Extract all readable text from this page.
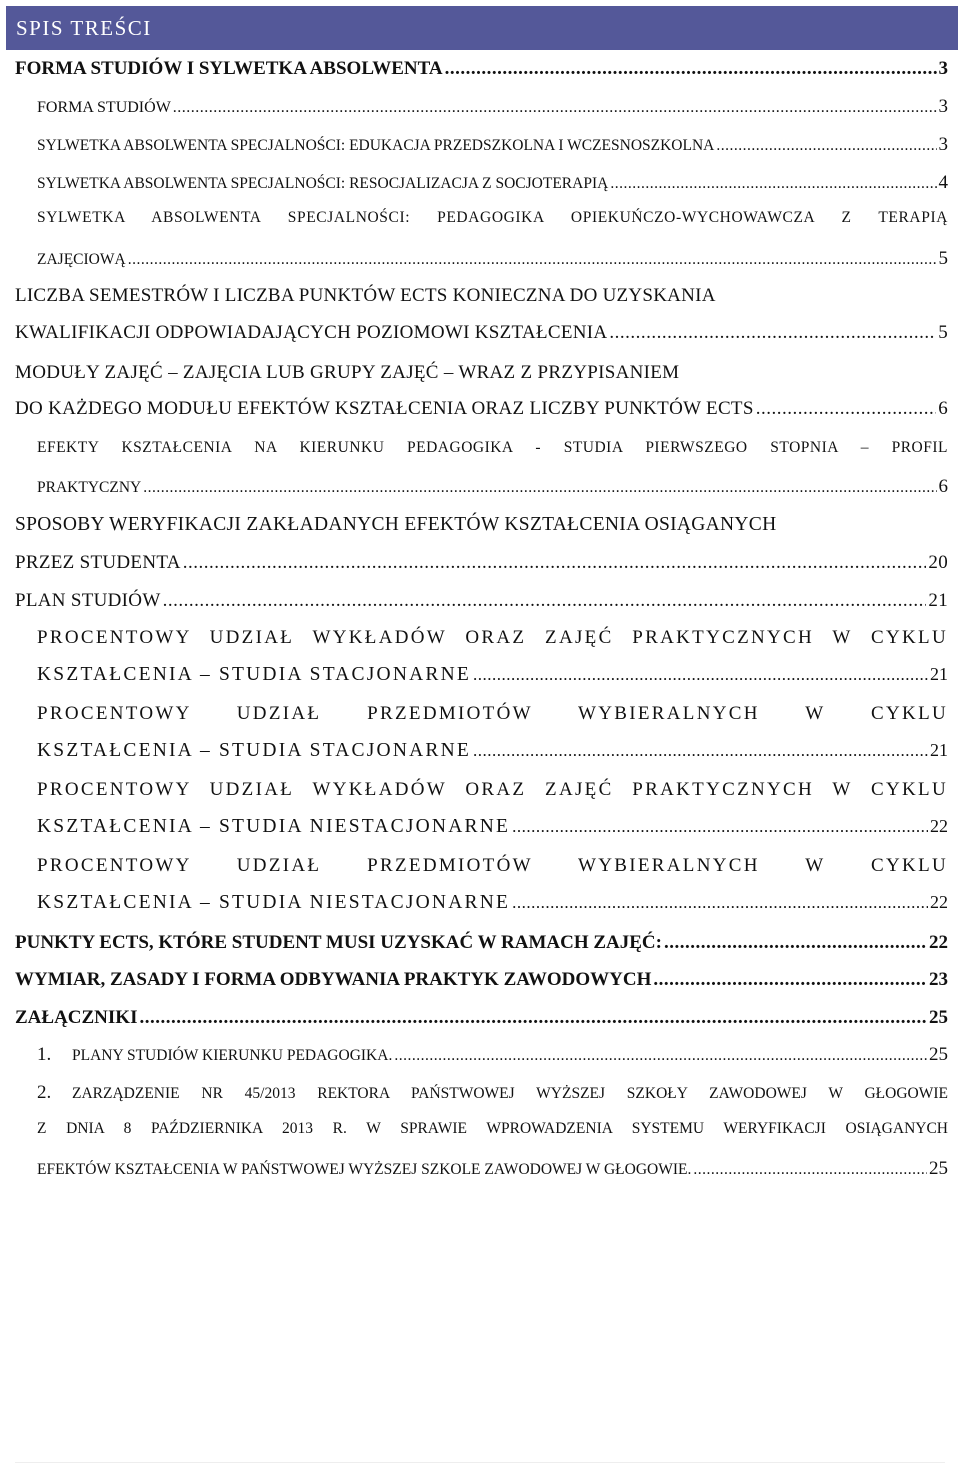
SPIS TREŚCI
FORMA STUDIÓW I SYLWETKA ABSOLWENTA .....	3
FORMA STUDIÓW .....	3
SYLWETKA ABSOLWENTA SPECJALNOŚCI: EDUKACJA PRZEDSZKOLNA I WCZESNOSZKOLNA .....	3
SYLWETKA ABSOLWENTA SPECJALNOŚCI: RESOCJALIZACJA Z SOCJOTERAPIĄ .....	4
SYLWETKA ABSOLWENTA SPECJALNOŚCI: PEDAGOGIKA OPIEKUŃCZO-WYCHOWAWCZA Z TERAPIĄ
ZAJĘCIOWĄ .....	5
LICZBA SEMESTRÓW I LICZBA PUNKTÓW ECTS KONIECZNA DO UZYSKANIA
KWALIFIKACJI ODPOWIADAJĄCYCH POZIOMOWI KSZTAŁCENIA .....	5
MODUŁY ZAJĘĆ – ZAJĘCIA LUB GRUPY ZAJĘĆ – WRAZ Z PRZYPISANIEM
DO KAŻDEGO MODUŁU EFEKTÓW KSZTAŁCENIA ORAZ LICZBY PUNKTÓW ECTS .....	6
EFEKTY KSZTAŁCENIA NA KIERUNKU PEDAGOGIKA - STUDIA PIERWSZEGO STOPNIA – PROFIL
PRAKTYCZNY .....	6
SPOSOBY WERYFIKACJI ZAKŁADANYCH EFEKTÓW KSZTAŁCENIA OSIĄGANYCH
PRZEZ STUDENTA .....	20
PLAN STUDIÓW .....	21
PROCENTOWY UDZIAŁ WYKŁADÓW ORAZ ZAJĘĆ PRAKTYCZNYCH W CYKLU
KSZTAŁCENIA – STUDIA STACJONARNE .....	21
PROCENTOWY UDZIAŁ PRZEDMIOTÓW WYBIERALNYCH W CYKLU
KSZTAŁCENIA – STUDIA STACJONARNE .....	21
PROCENTOWY UDZIAŁ WYKŁADÓW ORAZ ZAJĘĆ PRAKTYCZNYCH W CYKLU
KSZTAŁCENIA – STUDIA NIESTACJONARNE .....	22
PROCENTOWY UDZIAŁ PRZEDMIOTÓW WYBIERALNYCH W CYKLU
KSZTAŁCENIA – STUDIA NIESTACJONARNE .....	22
PUNKTY ECTS, KTÓRE STUDENT MUSI UZYSKAĆ W RAMACH ZAJĘĆ: .....	22
WYMIAR, ZASADY I FORMA ODBYWANIA PRAKTYK ZAWODOWYCH .....	23
ZAŁĄCZNIKI .....	25
1.	PLANY STUDIÓW KIERUNKU PEDAGOGIKA. .....	25
2.	ZARZĄDZENIE NR 45/2013 REKTORA PAŃSTWOWEJ WYŻSZEJ SZKOŁY ZAWODOWEJ W GŁOGOWIE
Z DNIA 8 PAŹDZIERNIKA 2013 R. W SPRAWIE WPROWADZENIA SYSTEMU WERYFIKACJI OSIĄGANYCH
EFEKTÓW KSZTAŁCENIA W PAŃSTWOWEJ WYŻSZEJ SZKOLE ZAWODOWEJ W GŁOGOWIE. .....	25
